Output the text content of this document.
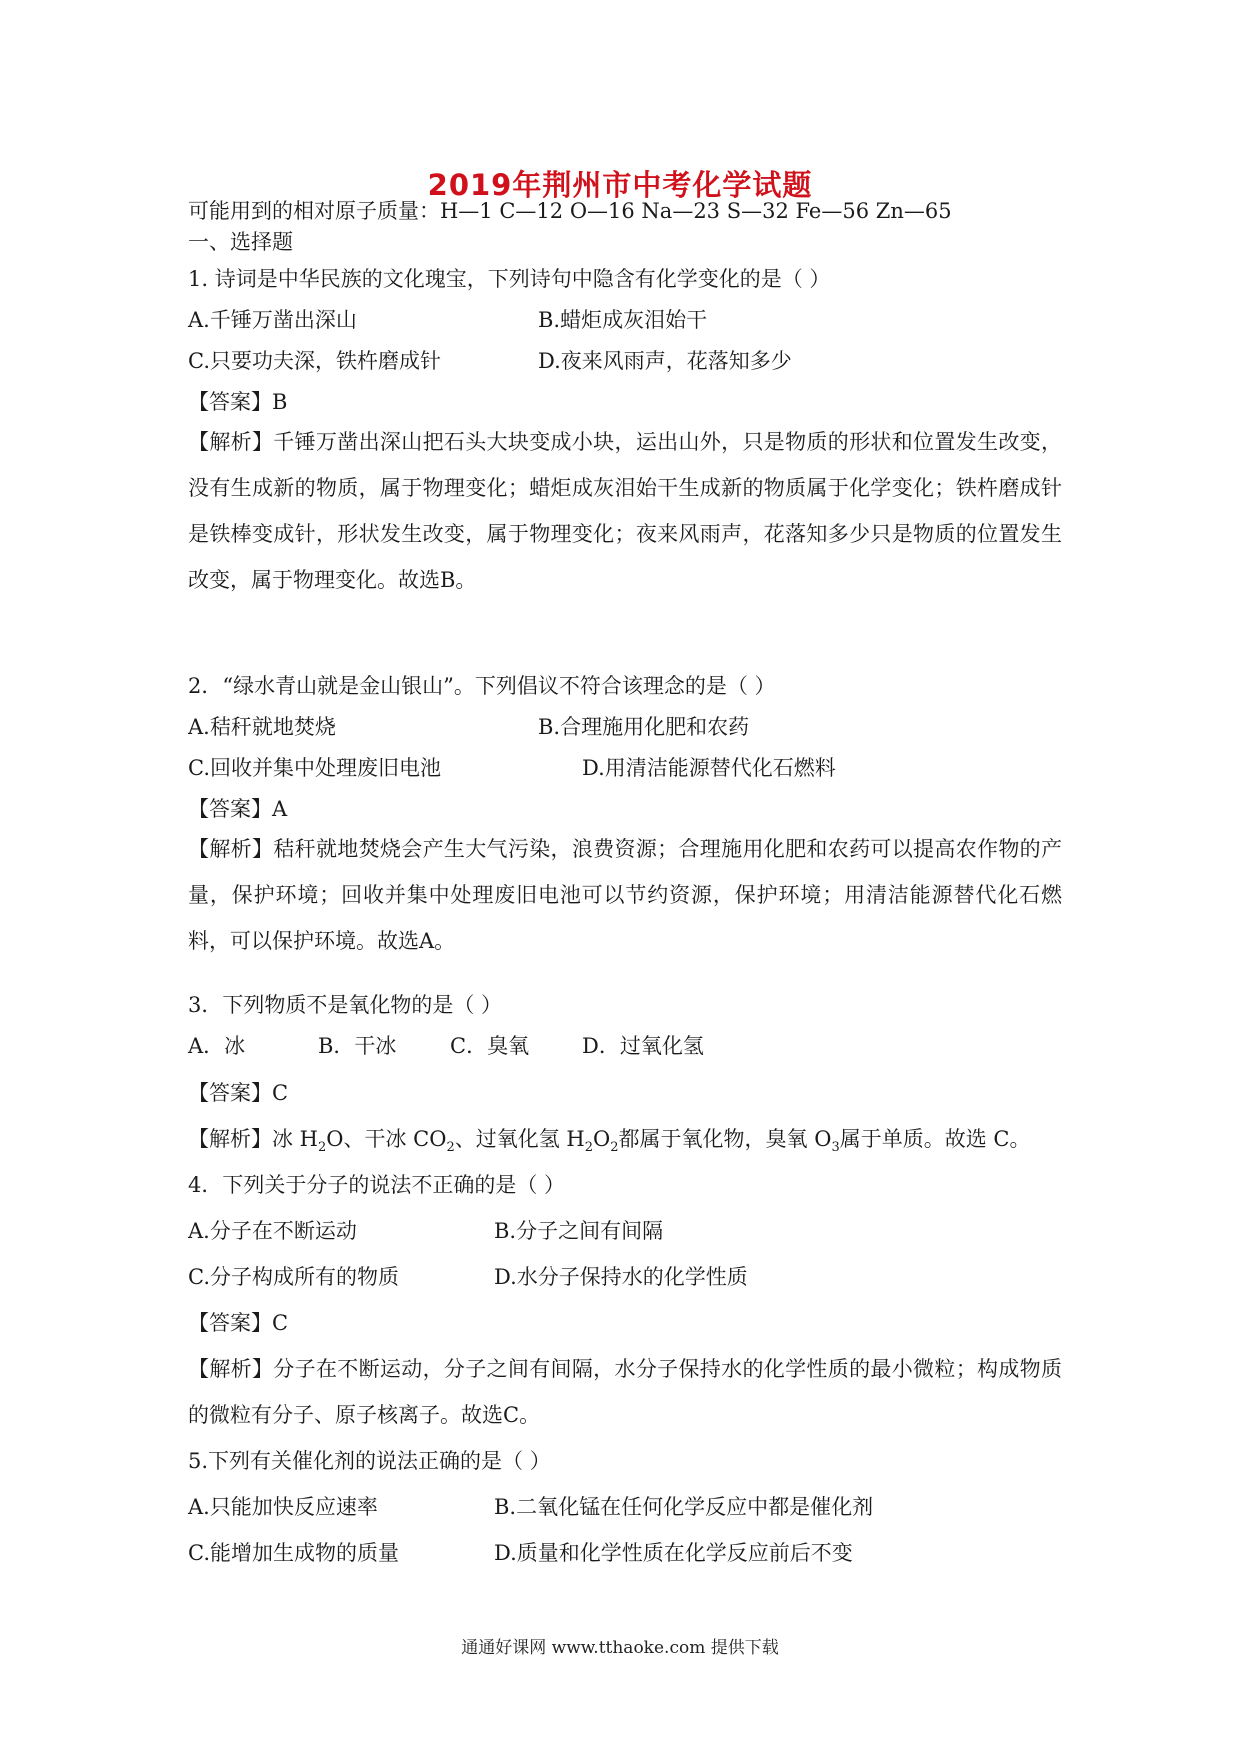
2019年荆州市中考化学试题
可能用到的相对原子质量：H—1 C—12 O—16 Na—23 S—32 Fe—56 Zn—65
一、选择题
1. 诗词是中华民族的文化瑰宝，下列诗句中隐含有化学变化的是（ ）
A.千锤万凿出深山	B.蜡炬成灰泪始干
C.只要功夫深，铁杵磨成针	D.夜来风雨声，花落知多少
【答案】B
【解析】千锤万凿出深山把石头大块变成小块，运出山外，只是物质的形状和位置发生改变，没有生成新的物质，属于物理变化；蜡炬成灰泪始干生成新的物质属于化学变化；铁杵磨成针是铁棒变成针，形状发生改变，属于物理变化；夜来风雨声，花落知多少只是物质的位置发生改变，属于物理变化。故选B。
2．“绿水青山就是金山银山”。下列倡议不符合该理念的是（ ）
A.秸秆就地焚烧	B.合理施用化肥和农药
C.回收并集中处理废旧电池	D.用清洁能源替代化石燃料
【答案】A
【解析】秸秆就地焚烧会产生大气污染，浪费资源；合理施用化肥和农药可以提高农作物的产量，保护环境；回收并集中处理废旧电池可以节约资源，保护环境；用清洁能源替代化石燃料，可以保护环境。故选A。
3．下列物质不是氧化物的是（ ）
A．冰	B．干冰	C．臭氧	D．过氧化氢
【答案】C
【解析】冰 $H_2O$、干冰 $CO_2$、过氧化氢 $H_2O_2$都属于氧化物，臭氧 $O_3$属于单质。故选 C。
4．下列关于分子的说法不正确的是（ ）
A.分子在不断运动	B.分子之间有间隔
C.分子构成所有的物质	D.水分子保持水的化学性质
【答案】C
【解析】分子在不断运动，分子之间有间隔，水分子保持水的化学性质的最小微粒；构成物质的微粒有分子、原子核离子。故选C。
5.下列有关催化剂的说法正确的是（ ）
A.只能加快反应速率	B.二氧化锰在任何化学反应中都是催化剂
C.能增加生成物的质量	D.质量和化学性质在化学反应前后不变
通通好课网 www.tthaoke.com 提供下载
